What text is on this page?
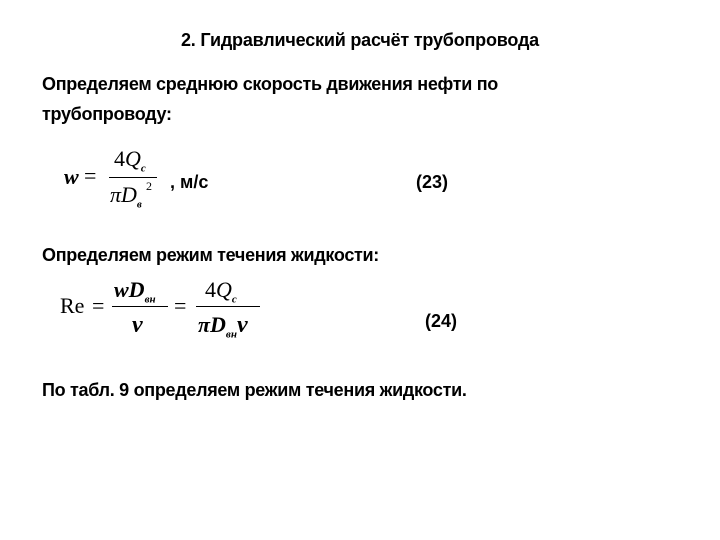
2. Гидравлический расчёт трубопровода
Определяем среднюю скорость движения нефти по
трубопроводу:
w =
$4Q_c$
$\pi D_в$
2 , м/с	(23)
Определяем режим течения жидкости:
Re =
$wD_{вн}$
ν
=
$4Q_c$
$\pi D_{вн}\nu$	(24)
По табл. 9 определяем режим течения жидкости.
